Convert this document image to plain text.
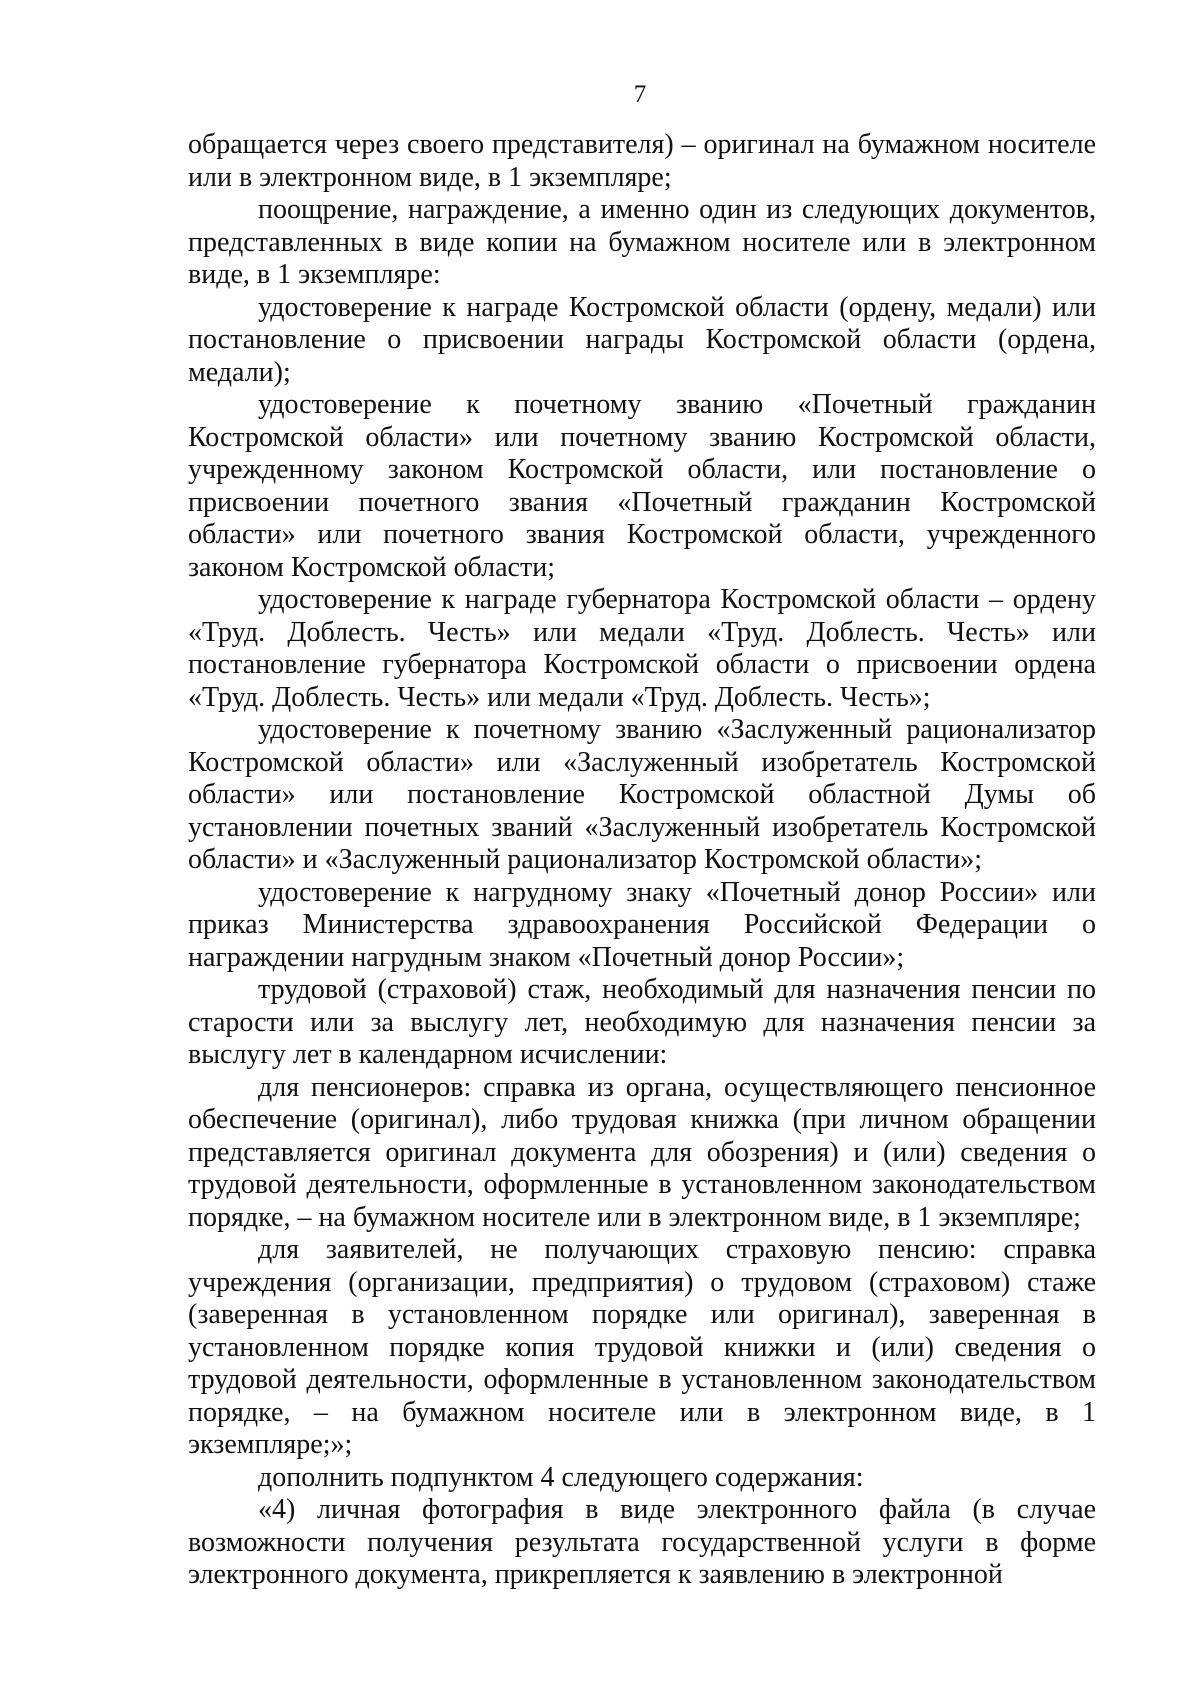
7

обращается через своего представителя) – оригинал на бумажном носителе или в электронном виде, в 1 экземпляре;

поощрение, награждение, а именно один из следующих документов, представленных в виде копии на бумажном носителе или в электронном виде, в 1 экземпляре:

удостоверение к награде Костромской области (ордену, медали) или постановление о присвоении награды Костромской области (ордена, медали);

удостоверение к почетному званию «Почетный гражданин Костромской области» или почетному званию Костромской области, учрежденному законом Костромской области, или постановление о присвоении почетного звания «Почетный гражданин Костромской области» или почетного звания Костромской области, учрежденного законом Костромской области;

удостоверение к награде губернатора Костромской области – ордену «Труд. Доблесть. Честь» или медали «Труд. Доблесть. Честь» или постановление губернатора Костромской области о присвоении ордена «Труд. Доблесть. Честь» или медали «Труд. Доблесть. Честь»;

удостоверение к почетному званию «Заслуженный рационализатор Костромской области» или «Заслуженный изобретатель Костромской области» или постановление Костромской областной Думы об установлении почетных званий «Заслуженный изобретатель Костромской области» и «Заслуженный рационализатор Костромской области»;

удостоверение к нагрудному знаку «Почетный донор России» или приказ Министерства здравоохранения Российской Федерации о награждении нагрудным знаком «Почетный донор России»;

трудовой (страховой) стаж, необходимый для назначения пенсии по старости или за выслугу лет, необходимую для назначения пенсии за выслугу лет в календарном исчислении:

для пенсионеров: справка из органа, осуществляющего пенсионное обеспечение (оригинал), либо трудовая книжка (при личном обращении представляется оригинал документа для обозрения) и (или) сведения о трудовой деятельности, оформленные в установленном законодательством порядке, – на бумажном носителе или в электронном виде, в 1 экземпляре;

для заявителей, не получающих страховую пенсию: справка учреждения (организации, предприятия) о трудовом (страховом) стаже (заверенная в установленном порядке или оригинал), заверенная в установленном порядке копия трудовой книжки и (или) сведения о трудовой деятельности, оформленные в установленном законодательством порядке, – на бумажном носителе или в электронном виде, в 1 экземпляре;»;

дополнить подпунктом 4 следующего содержания:

«4) личная фотография в виде электронного файла (в случае возможности получения результата государственной услуги в форме электронного документа, прикрепляется к заявлению в электронной
